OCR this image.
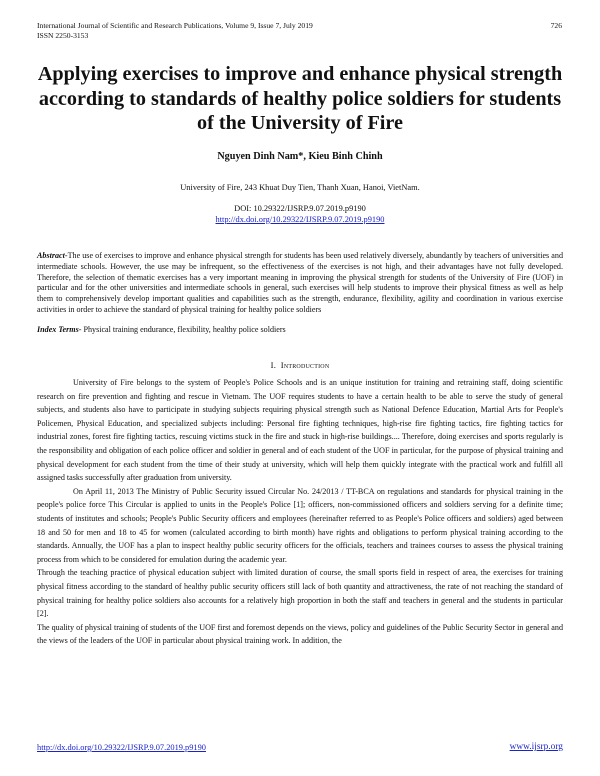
International Journal of Scientific and Research Publications, Volume 9, Issue 7, July 2019
ISSN 2250-3153
726
Applying exercises to improve and enhance physical strength according to standards of healthy police soldiers for students of the University of Fire
Nguyen Dinh Nam*, Kieu Binh Chinh
University of Fire, 243 Khuat Duy Tien, Thanh Xuan, Hanoi, VietNam.
DOI: 10.29322/IJSRP.9.07.2019.p9190
http://dx.doi.org/10.29322/IJSRP.9.07.2019.p9190

Abstract-The use of exercises to improve and enhance physical strength for students has been used relatively diversely, abundantly by teachers of universities and intermediate schools. However, the use may be infrequent, so the effectiveness of the exercises is not high, and their advantages have not fully developed. Therefore, the selection of thematic exercises has a very important meaning in improving the physical strength for students of the University of Fire (UOF) in particular and for the other universities and intermediate schools in general, such exercises will help students to improve their physical fitness as well as help them to comprehensively develop important qualities and capabilities such as the strength, endurance, flexibility, agility and coordination in various exercise activities in order to achieve the standard of physical training for healthy police soldiers

Index Terms- Physical training endurance, flexibility, healthy police soldiers

I. Introduction

University of Fire belongs to the system of People's Police Schools and is an unique institution for training and retraining staff, doing scientific research on fire prevention and fighting and rescue in Vietnam. The UOF requires students to have a certain health to be able to serve the study of general subjects, and students also have to participate in studying subjects requiring physical strength such as National Defence Education, Martial Arts for People's Policemen, Physical Education, and specialized subjects including: Personal fire fighting techniques, high-rise fire fighting tactics, fire fighting tactics for industrial zones, forest fire fighting tactics, rescuing victims stuck in the fire and stuck in high-rise buildings.... Therefore, doing exercises and sports regularly is the responsibility and obligation of each police officer and soldier in general and of each student of the UOF in particular, for the purpose of physical training and physical development for each student from the time of their study at university, which will help them quickly integrate with the practical work and fulfill all assigned tasks successfully after graduation from university.

On April 11, 2013 The Ministry of Public Security issued Circular No. 24/2013 / TT-BCA on regulations and standards for physical training in the people's police force This Circular is applied to units in the People's Police [1]; officers, non-commissioned officers and soldiers serving for a definite time; students of institutes and schools; People's Public Security officers and employees (hereinafter referred to as People's Police officers and soldiers) aged between 18 and 50 for men and 18 to 45 for women (calculated according to birth month) have rights and obligations to perform physical training according to the standards. Annually, the UOF has a plan to inspect healthy public security officers for the officials, teachers and trainees courses to assess the physical training process from which to be considered for emulation during the academic year.

Through the teaching practice of physical education subject with limited duration of course, the small sports field in respect of area, the exercises for training physical fitness according to the standard of healthy public security officers still lack of both quantity and attractiveness, the rate of not reaching the standard of physical training for healthy police soldiers also accounts for a relatively high proportion in both the staff and teachers in general and the students in particular [2].

The quality of physical training of students of the UOF first and foremost depends on the views, policy and guidelines of the Public Security Sector in general and the views of the leaders of the UOF in particular about physical training work. In addition, the

http://dx.doi.org/10.29322/IJSRP.9.07.2019.p9190	www.ijsrp.org
